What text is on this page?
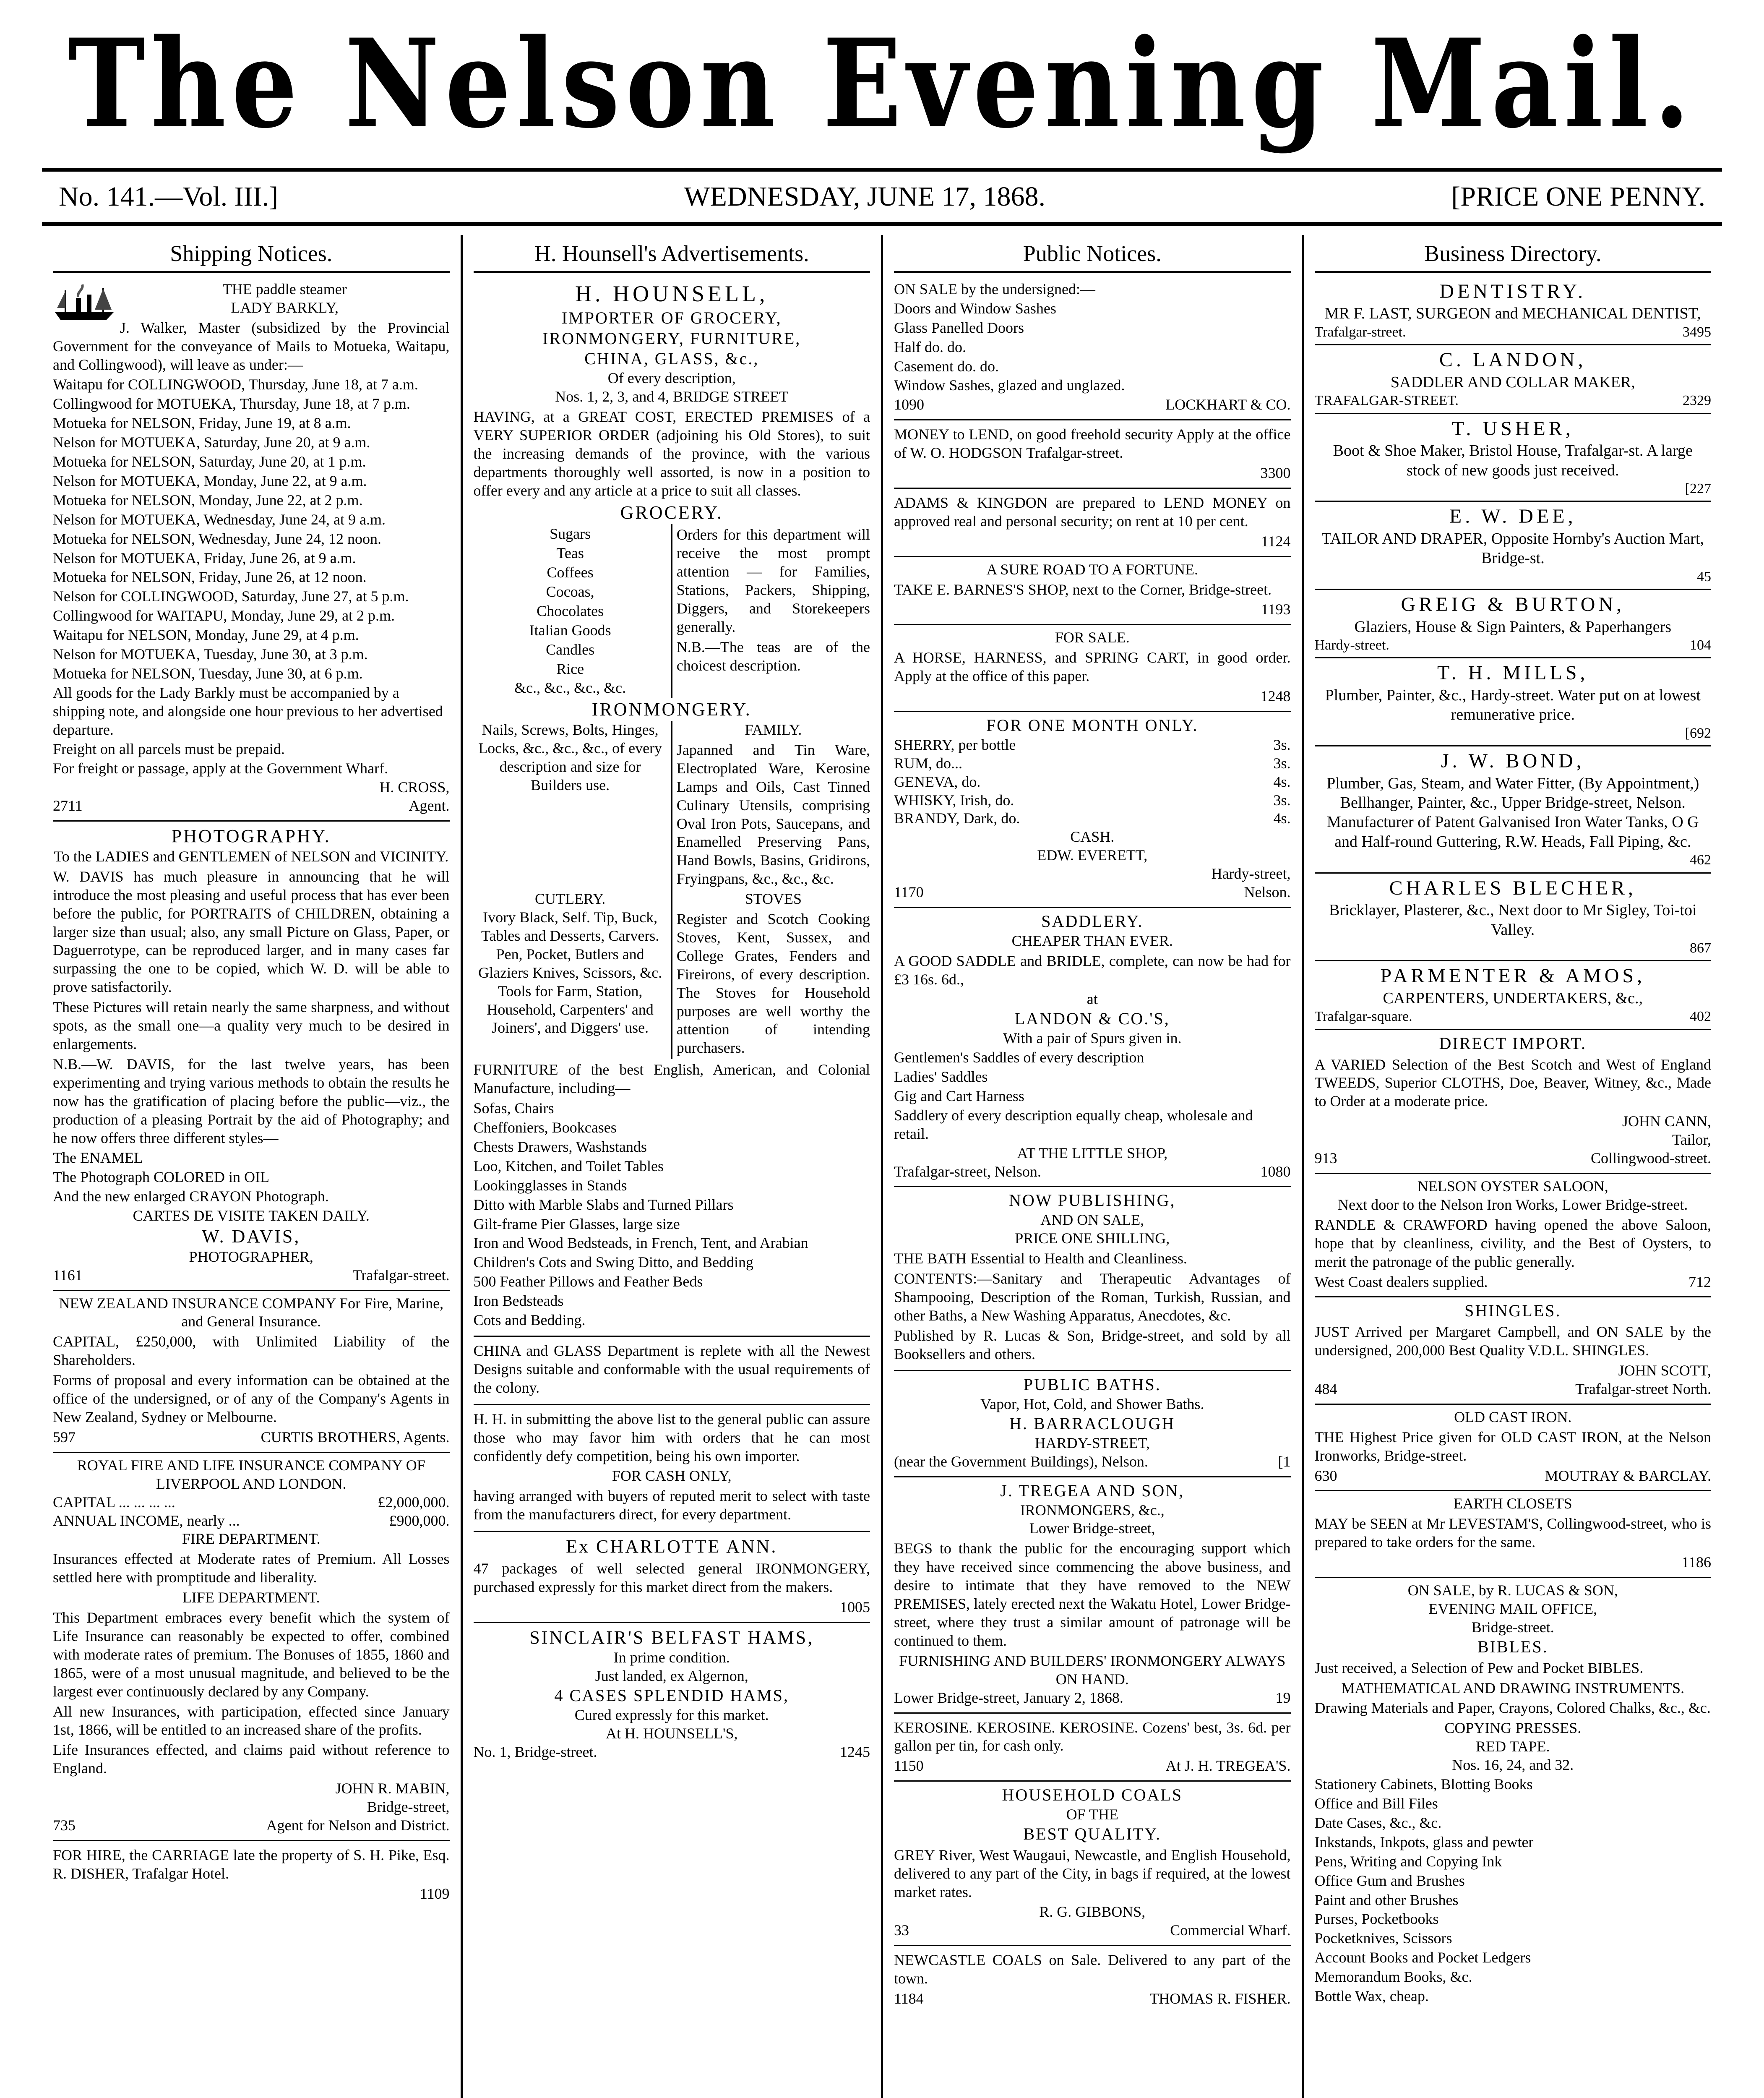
The Nelson Evening Mail.
No. 141.—Vol. III.]	WEDNESDAY, JUNE 17, 1868.	[PRICE ONE PENNY.
Shipping Notices.
THE paddle steamer
LADY BARKLY,

J. Walker, Master (subsidized by the Provincial Government for the conveyance of Mails to Motueka, Waitapu, and Collingwood), will leave as under:—

Waitapu for COLLINGWOOD, Thursday, June 18, at 7 a.m.
Collingwood for MOTUEKA, Thursday, June 18, at 7 p.m.
Motueka for NELSON, Friday, June 19, at 8 a.m.
Nelson for MOTUEKA, Saturday, June 20, at 9 a.m.
Motueka for NELSON, Saturday, June 20, at 1 p.m.
Nelson for MOTUEKA, Monday, June 22, at 9 a.m.
Motueka for NELSON, Monday, June 22, at 2 p.m.
Nelson for MOTUEKA, Wednesday, June 24, at 9 a.m.
Motueka for NELSON, Wednesday, June 24, 12 noon.
Nelson for MOTUEKA, Friday, June 26, at 9 a.m.
Motueka for NELSON, Friday, June 26, at 12 noon.
Nelson for COLLINGWOOD, Saturday, June 27, at 5 p.m.
Collingwood for WAITAPU, Monday, June 29, at 2 p.m.
Waitapu for NELSON, Monday, June 29, at 4 p.m.
Nelson for MOTUEKA, Tuesday, June 30, at 3 p.m.
Motueka for NELSON, Tuesday, June 30, at 6 p.m.
All goods for the Lady Barkly must be accompanied by a shipping note, and alongside one hour previous to her advertised departure.
Freight on all parcels must be prepaid.
For freight or passage, apply at the Government Wharf.
H. CROSS,
2711	Agent.
PHOTOGRAPHY.
To the LADIES and GENTLEMEN of NELSON and VICINITY.

W. DAVIS has much pleasure in announcing that he will introduce the most pleasing and useful process that has ever been before the public, for PORTRAITS of CHILDREN, obtaining a larger size than usual; also, any small Picture on Glass, Paper, or Daguerrotype, can be reproduced larger, and in many cases far surpassing the one to be copied, which W. D. will be able to prove satisfactorily.

These Pictures will retain nearly the same sharpness, and without spots, as the small one—a quality very much to be desired in enlargements.

N.B.—W. DAVIS, for the last twelve years, has been experimenting and trying various methods to obtain the results he now has the gratification of placing before the public—viz., the production of a pleasing Portrait by the aid of Photography; and he now offers three different styles—

The ENAMEL
The Photograph COLORED in OIL
And the new enlarged CRAYON Photograph.
CARTES DE VISITE TAKEN DAILY.
W. DAVIS,
PHOTOGRAPHER,
1161	Trafalgar-street.
NEW ZEALAND INSURANCE COMPANY For Fire, Marine, and General Insurance.

CAPITAL, £250,000, with Unlimited Liability of the Shareholders.

Forms of proposal and every information can be obtained at the office of the undersigned, or of any of the Company's Agents in New Zealand, Sydney or Melbourne.

597	CURTIS BROTHERS, Agents.
ROYAL FIRE AND LIFE INSURANCE COMPANY OF LIVERPOOL AND LONDON.
CAPITAL ... ... ... ...	£2,000,000.
ANNUAL INCOME, nearly ...	£900,000.
FIRE DEPARTMENT.

Insurances effected at Moderate rates of Premium. All Losses settled here with promptitude and liberality.

LIFE DEPARTMENT.

This Department embraces every benefit which the system of Life Insurance can reasonably be expected to offer, combined with moderate rates of premium. The Bonuses of 1855, 1860 and 1865, were of a most unusual magnitude, and believed to be the largest ever continuously declared by any Company.

All new Insurances, with participation, effected since January 1st, 1866, will be entitled to an increased share of the profits.

Life Insurances effected, and claims paid without reference to England.

JOHN R. MABIN,
Bridge-street,
735	Agent for Nelson and District.

FOR HIRE, the CARRIAGE late the property of S. H. Pike, Esq. R. DISHER, Trafalgar Hotel.

1109
H. Hounsell's Advertisements.
H. HOUNSELL,
IMPORTER OF GROCERY,
IRONMONGERY, FURNITURE,
CHINA, GLASS, &c.,
Of every description,
Nos. 1, 2, 3, and 4, BRIDGE STREET

HAVING, at a GREAT COST, ERECTED PREMISES of a VERY SUPERIOR ORDER (adjoining his Old Stores), to suit the increasing demands of the province, with the various departments thoroughly well assorted, is now in a position to offer every and any article at a price to suit all classes.

GROCERY.
Sugars
Teas
Coffees
Cocoas,
Chocolates
Italian Goods
Candles
Rice
&c., &c., &c., &c.

Orders for this department will receive the most prompt attention — for Families, Stations, Packers, Shipping, Diggers, and Storekeepers generally.

N.B.—The teas are of the choicest description.

IRONMONGERY.
Nails, Screws, Bolts, Hinges, Locks, &c., &c., &c., of every description and size for Builders use.
FAMILY.

Japanned and Tin Ware, Electroplated Ware, Kerosine Lamps and Oils, Cast Tinned Culinary Utensils, comprising Oval Iron Pots, Saucepans, and Enamelled Preserving Pans, Hand Bowls, Basins, Gridirons, Fryingpans, &c., &c., &c.

CUTLERY.
Ivory Black, Self. Tip, Buck, Tables and Desserts, Carvers. Pen, Pocket, Butlers and Glaziers Knives, Scissors, &c. Tools for Farm, Station, Household, Carpenters' and Joiners', and Diggers' use.
STOVES

Register and Scotch Cooking Stoves, Kent, Sussex, and College Grates, Fenders and Fireirons, of every description. The Stoves for Household purposes are well worthy the attention of intending purchasers.

FURNITURE of the best English, American, and Colonial Manufacture, including—

Sofas, Chairs
Cheffoniers, Bookcases
Chests Drawers, Washstands
Loo, Kitchen, and Toilet Tables
Lookingglasses in Stands
Ditto with Marble Slabs and Turned Pillars
Gilt-frame Pier Glasses, large size
Iron and Wood Bedsteads, in French, Tent, and Arabian
Children's Cots and Swing Ditto, and Bedding
500 Feather Pillows and Feather Beds
Iron Bedsteads
Cots and Bedding.

CHINA and GLASS Department is replete with all the Newest Designs suitable and conformable with the usual requirements of the colony.

H. H. in submitting the above list to the general public can assure those who may favor him with orders that he can most confidently defy competition, being his own importer.

FOR CASH ONLY,

having arranged with buyers of reputed merit to select with taste from the manufacturers direct, for every department.

Ex CHARLOTTE ANN.

47 packages of well selected general IRONMONGERY, purchased expressly for this market direct from the makers.

1005
SINCLAIR'S BELFAST HAMS,
In prime condition.
Just landed, ex Algernon,
4 CASES SPLENDID HAMS,
Cured expressly for this market.
At H. HOUNSELL'S,
No. 1, Bridge-street.	1245
Public Notices.
ON SALE by the undersigned:—
Doors and Window Sashes
Glass Panelled Doors
Half do. do.
Casement do. do.
Window Sashes, glazed and unglazed.
1090	LOCKHART & CO.

MONEY to LEND, on good freehold security Apply at the office of W. O. HODGSON Trafalgar-street.

3300

ADAMS & KINGDON are prepared to LEND MONEY on approved real and personal security; on rent at 10 per cent.

1124
A SURE ROAD TO A FORTUNE.

TAKE E. BARNES'S SHOP, next to the Corner, Bridge-street.

1193
FOR SALE.

A HORSE, HARNESS, and SPRING CART, in good order. Apply at the office of this paper.

1248
FOR ONE MONTH ONLY.
SHERRY, per bottle	3s.
RUM, do...	3s.
GENEVA, do.	4s.
WHISKY, Irish, do.	3s.
BRANDY, Dark, do.	4s.
CASH.
EDW. EVERETT,
Hardy-street,
1170	Nelson.
SADDLERY.
CHEAPER THAN EVER.

A GOOD SADDLE and BRIDLE, complete, can now be had for £3 16s. 6d.,

at
LANDON & CO.'S,
With a pair of Spurs given in.
Gentlemen's Saddles of every description
Ladies' Saddles
Gig and Cart Harness
Saddlery of every description equally cheap, wholesale and retail.
AT THE LITTLE SHOP,
Trafalgar-street, Nelson.	1080
NOW PUBLISHING,
AND ON SALE,
PRICE ONE SHILLING,

THE BATH Essential to Health and Cleanliness.

CONTENTS:—Sanitary and Therapeutic Advantages of Shampooing, Description of the Roman, Turkish, Russian, and other Baths, a New Washing Apparatus, Anecdotes, &c.

Published by R. Lucas & Son, Bridge-street, and sold by all Booksellers and others.

PUBLIC BATHS.
Vapor, Hot, Cold, and Shower Baths.
H. BARRACLOUGH
HARDY-STREET,
(near the Government Buildings), Nelson.	[1
J. TREGEA AND SON,
IRONMONGERS, &c.,
Lower Bridge-street,

BEGS to thank the public for the encouraging support which they have received since commencing the above business, and desire to intimate that they have removed to the NEW PREMISES, lately erected next the Wakatu Hotel, Lower Bridge-street, where they trust a similar amount of patronage will be continued to them.

FURNISHING AND BUILDERS' IRONMONGERY ALWAYS ON HAND.
Lower Bridge-street, January 2, 1868.	19

KEROSINE. KEROSINE. KEROSINE. Cozens' best, 3s. 6d. per gallon per tin, for cash only.

1150	At J. H. TREGEA'S.
HOUSEHOLD COALS
OF THE
BEST QUALITY.

GREY River, West Waugaui, Newcastle, and English Household, delivered to any part of the City, in bags if required, at the lowest market rates.

R. G. GIBBONS,
33	Commercial Wharf.

NEWCASTLE COALS on Sale. Delivered to any part of the town.

1184	THOMAS R. FISHER.
Business Directory.
DENTISTRY.
MR F. LAST, SURGEON and MECHANICAL DENTIST,
Trafalgar-street.	3495
C. LANDON,
SADDLER AND COLLAR MAKER,
TRAFALGAR-STREET.	2329
T. USHER,
Boot & Shoe Maker, Bristol House, Trafalgar-st. A large stock of new goods just received.
[227
E. W. DEE,
TAILOR AND DRAPER, Opposite Hornby's Auction Mart, Bridge-st.
45
GREIG & BURTON,
Glaziers, House & Sign Painters, & Paperhangers
Hardy-street.	104
T. H. MILLS,
Plumber, Painter, &c., Hardy-street. Water put on at lowest remunerative price.
[692
J. W. BOND,
Plumber, Gas, Steam, and Water Fitter, (By Appointment,) Bellhanger, Painter, &c., Upper Bridge-street, Nelson. Manufacturer of Patent Galvanised Iron Water Tanks, O G and Half-round Guttering, R.W. Heads, Fall Piping, &c.
462
CHARLES BLECHER,
Bricklayer, Plasterer, &c., Next door to Mr Sigley, Toi-toi Valley.
867
PARMENTER & AMOS,
CARPENTERS, UNDERTAKERS, &c.,
Trafalgar-square.	402
DIRECT IMPORT.

A VARIED Selection of the Best Scotch and West of England TWEEDS, Superior CLOTHS, Doe, Beaver, Witney, &c., Made to Order at a moderate price.

JOHN CANN,
Tailor,
913	Collingwood-street.
NELSON OYSTER SALOON,
Next door to the Nelson Iron Works, Lower Bridge-street.

RANDLE & CRAWFORD having opened the above Saloon, hope that by cleanliness, civility, and the Best of Oysters, to merit the patronage of the public generally.

West Coast dealers supplied.	712
SHINGLES.

JUST Arrived per Margaret Campbell, and ON SALE by the undersigned, 200,000 Best Quality V.D.L. SHINGLES.

JOHN SCOTT,
484	Trafalgar-street North.
OLD CAST IRON.

THE Highest Price given for OLD CAST IRON, at the Nelson Ironworks, Bridge-street.

630	MOUTRAY & BARCLAY.
EARTH CLOSETS

MAY be SEEN at Mr LEVESTAM'S, Collingwood-street, who is prepared to take orders for the same.

1186
ON SALE, by R. LUCAS & SON,
EVENING MAIL OFFICE,
Bridge-street.
BIBLES.

Just received, a Selection of Pew and Pocket BIBLES.

MATHEMATICAL AND DRAWING INSTRUMENTS.

Drawing Materials and Paper, Crayons, Colored Chalks, &c., &c.

COPYING PRESSES.
RED TAPE.
Nos. 16, 24, and 32.
Stationery Cabinets, Blotting Books
Office and Bill Files
Date Cases, &c., &c.
Inkstands, Inkpots, glass and pewter
Pens, Writing and Copying Ink
Office Gum and Brushes
Paint and other Brushes
Purses, Pocketbooks
Pocketknives, Scissors
Account Books and Pocket Ledgers
Memorandum Books, &c.
Bottle Wax, cheap.
